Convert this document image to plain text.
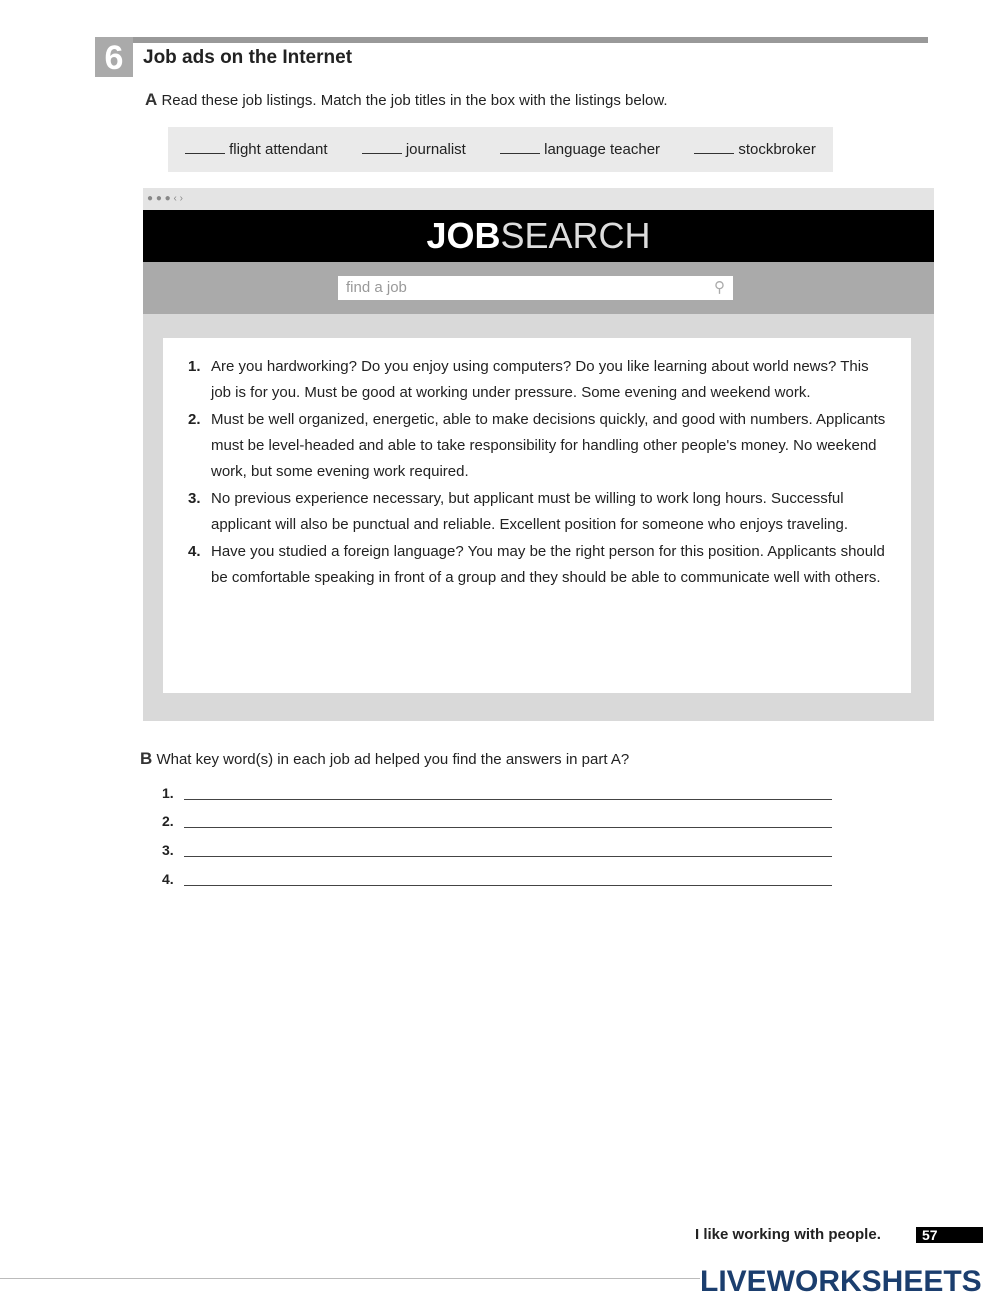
6	Job ads on the Internet
A Read these job listings. Match the job titles in the box with the listings below.
flight attendant	journalist	language teacher	stockbroker
● ● ● ‹ ›
JOBSEARCH
find a job	⚲
1. Are you hardworking? Do you enjoy using computers? Do you like learning about world news? This job is for you. Must be good at working under pressure. Some evening and weekend work.
2. Must be well organized, energetic, able to make decisions quickly, and good with numbers. Applicants must be level-headed and able to take responsibility for handling other people's money. No weekend work, but some evening work required.
3. No previous experience necessary, but applicant must be willing to work long hours. Successful applicant will also be punctual and reliable. Excellent position for someone who enjoys traveling.
4. Have you studied a foreign language? You may be the right person for this position. Applicants should be comfortable speaking in front of a group and they should be able to communicate well with others.
B What key word(s) in each job ad helped you find the answers in part A?
1.
2.
3.
4.
I like working with people.	57
LIVEWORKSHEETS
